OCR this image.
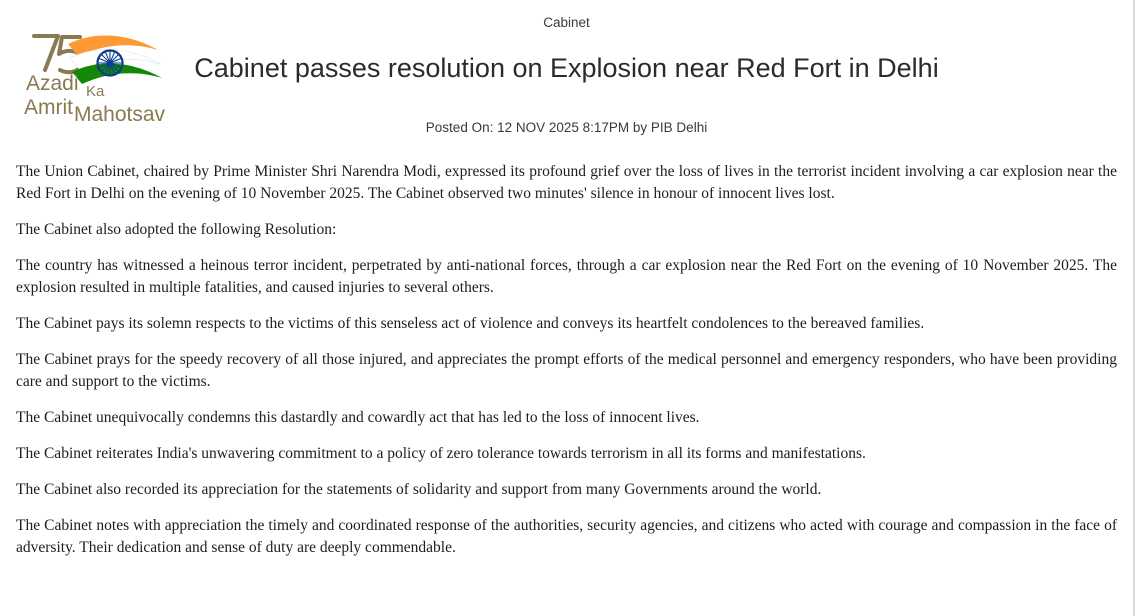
Cabinet
Azadi Ka
Amrit Mahotsav
Cabinet passes resolution on Explosion near Red Fort in Delhi
Posted On: 12 NOV 2025 8:17PM by PIB Delhi

The Union Cabinet, chaired by Prime Minister Shri Narendra Modi, expressed its profound grief over the loss of lives in the terrorist incident involving a car explosion near the Red Fort in Delhi on the evening of 10 November 2025. The Cabinet observed two minutes' silence in honour of innocent lives lost.

The Cabinet also adopted the following Resolution:

The country has witnessed a heinous terror incident, perpetrated by anti-national forces, through a car explosion near the Red Fort on the evening of 10 November 2025. The explosion resulted in multiple fatalities, and caused injuries to several others.

The Cabinet pays its solemn respects to the victims of this senseless act of violence and conveys its heartfelt condolences to the bereaved families.

The Cabinet prays for the speedy recovery of all those injured, and appreciates the prompt efforts of the medical personnel and emergency responders, who have been providing care and support to the victims.

The Cabinet unequivocally condemns this dastardly and cowardly act that has led to the loss of innocent lives.

The Cabinet reiterates India's unwavering commitment to a policy of zero tolerance towards terrorism in all its forms and manifestations.

The Cabinet also recorded its appreciation for the statements of solidarity and support from many Governments around the world.

The Cabinet notes with appreciation the timely and coordinated response of the authorities, security agencies, and citizens who acted with courage and compassion in the face of adversity. Their dedication and sense of duty are deeply commendable.
